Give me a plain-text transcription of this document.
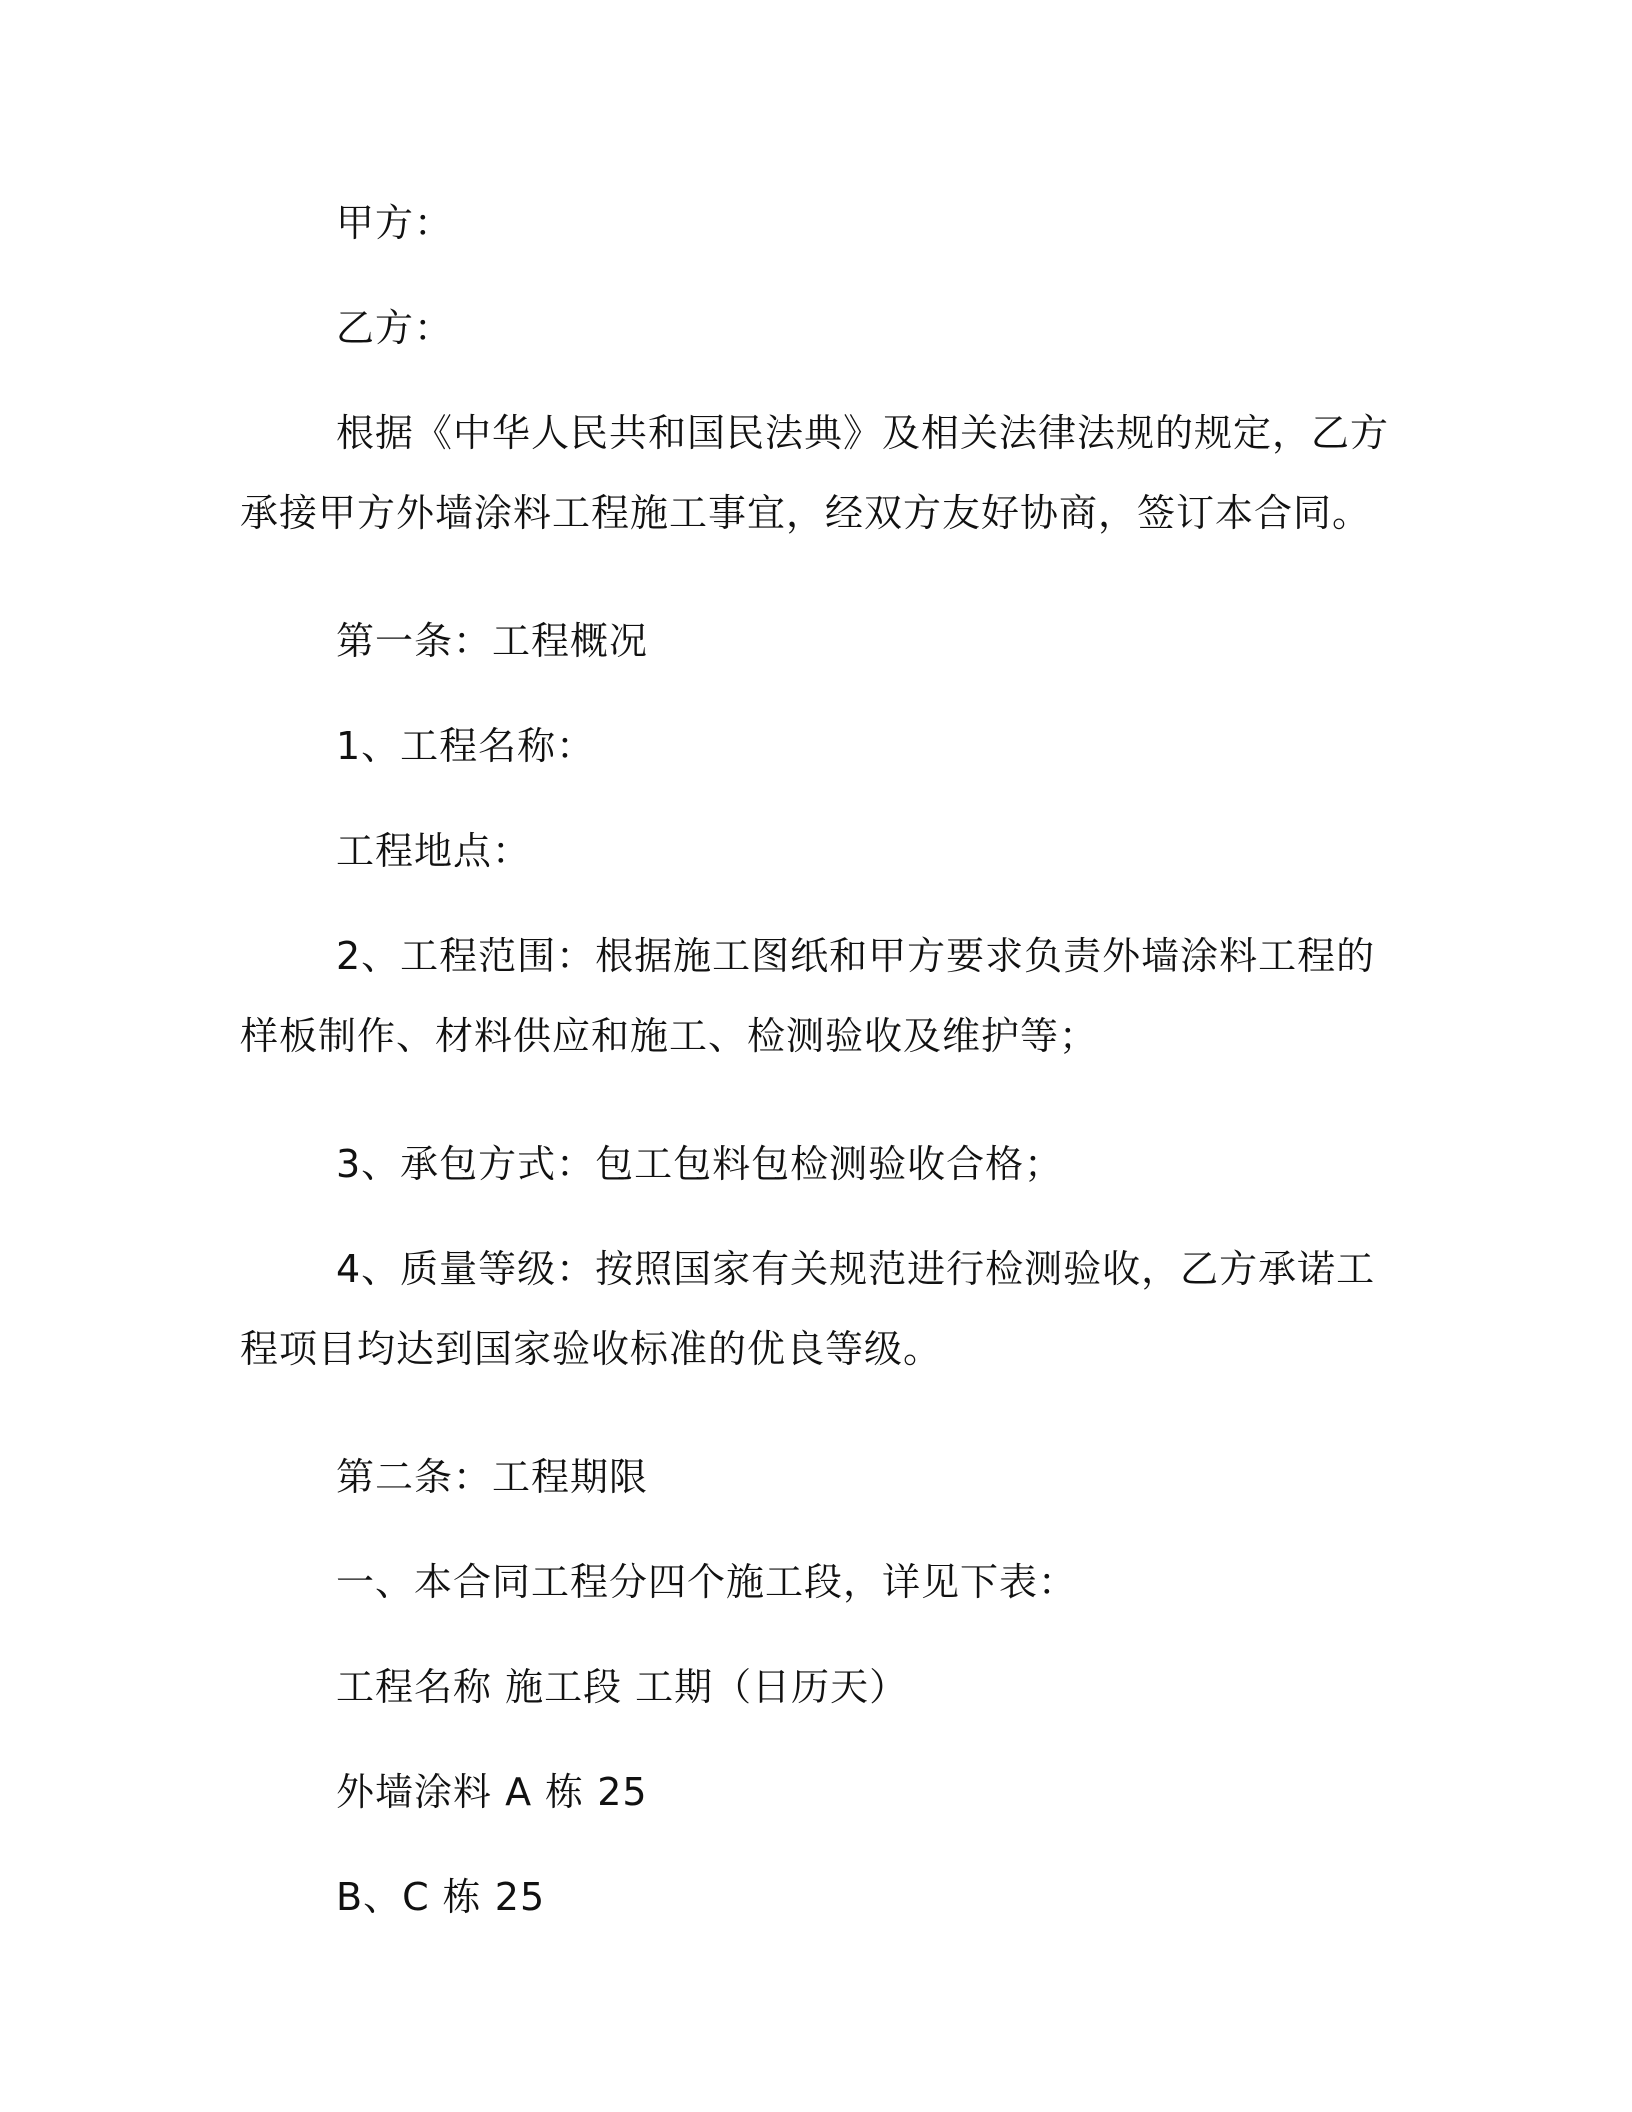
甲方：

乙方：

根据《中华人民共和国民法典》及相关法律法规的规定，乙方承接甲方外墙涂料工程施工事宜，经双方友好协商，签订本合同。

第一条：工程概况

1、工程名称：

工程地点：

2、工程范围：根据施工图纸和甲方要求负责外墙涂料工程的样板制作、材料供应和施工、检测验收及维护等；

3、承包方式：包工包料包检测验收合格；

4、质量等级：按照国家有关规范进行检测验收，乙方承诺工程项目均达到国家验收标准的优良等级。

第二条：工程期限

一、本合同工程分四个施工段，详见下表：

工程名称 施工段 工期（日历天）

外墙涂料 A 栋 25

B、C 栋 25
